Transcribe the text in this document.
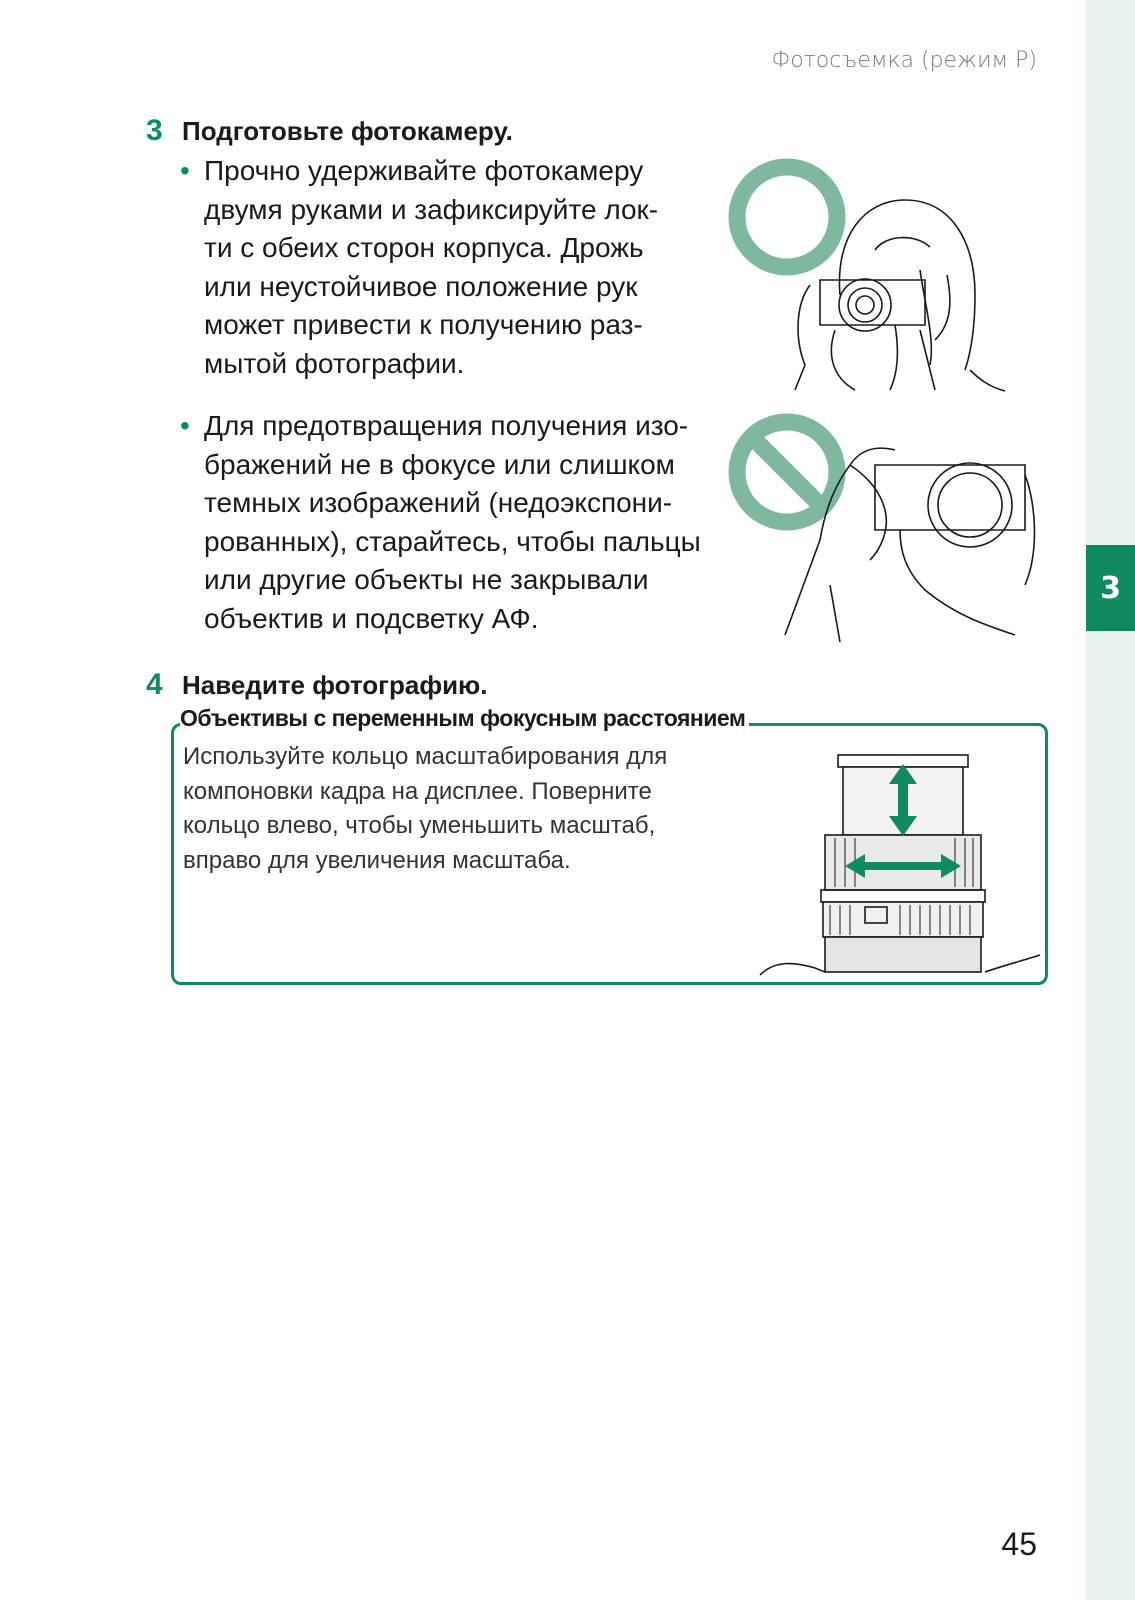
3
Фотосъемка (режим P)
3 Подготовьте фотокамеру.
• Прочно удерживайте фотокамеру
двумя руками и зафиксируйте лок-
ти с обеих сторон корпуса. Дрожь
или неустойчивое положение рук
может привести к получению раз-
мытой фотографии.
• Для предотвращения получения изо-
бражений не в фокусе или слишком
темных изображений (недоэкспони-
рованных), старайтесь, чтобы пальцы
или другие объекты не закрывали
объектив и подсветку АФ.
4 Наведите фотографию.
Объективы с переменным фокусным расстоянием
Используйте кольцо масштабирования для
компоновки кадра на дисплее. Поверните
кольцо влево, чтобы уменьшить масштаб,
вправо для увеличения масштаба.
45
